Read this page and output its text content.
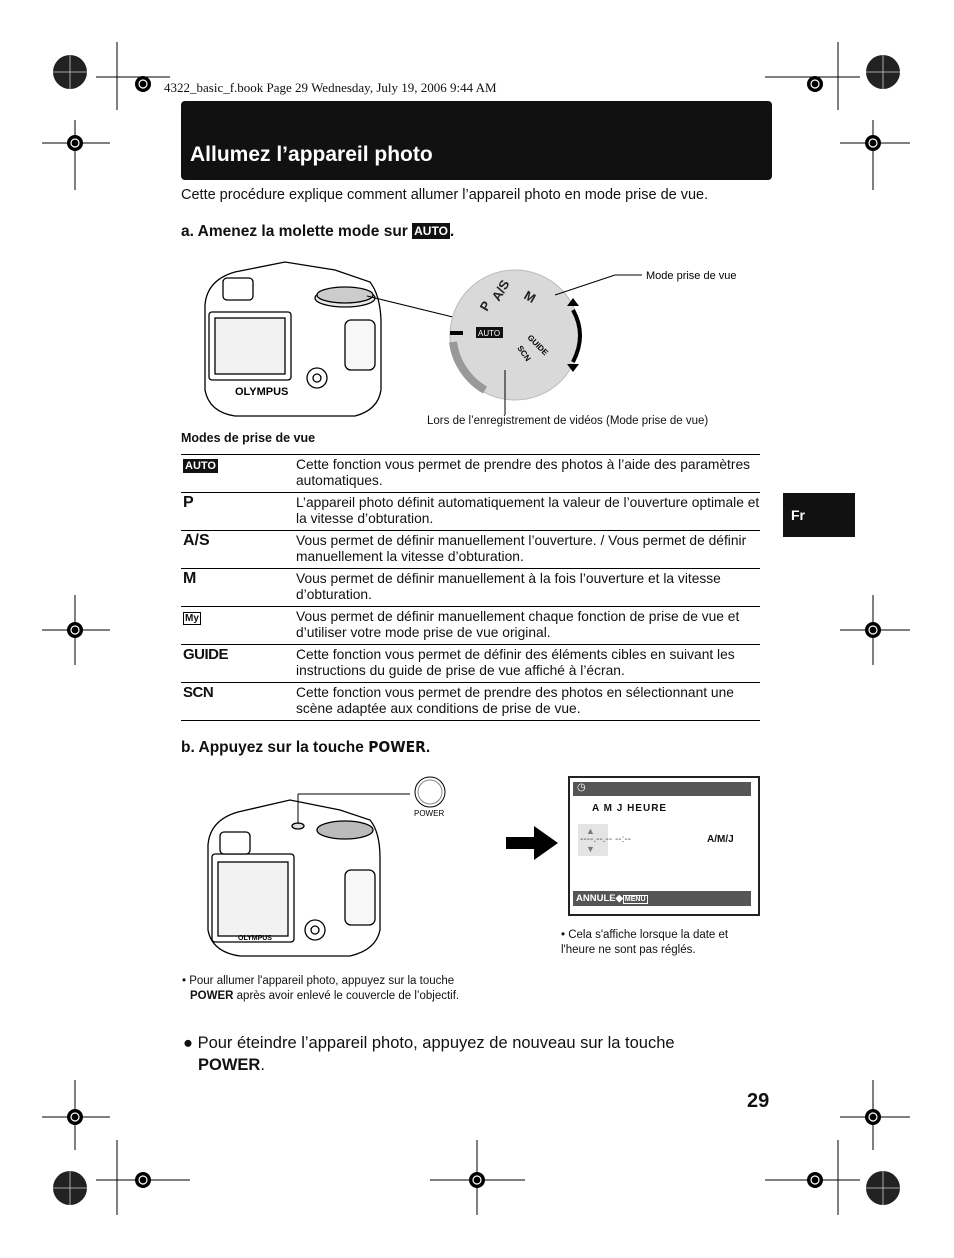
4322_basic_f.book Page 29 Wednesday, July 19, 2006 9:44 AM
Allumez l’appareil photo
Cette procédure explique comment allumer l’appareil photo en mode prise de vue.
a. Amenez la molette mode sur AUTO .
OLYMPUS
P
A/S M
AUTO	GUIDE
SCN
Mode prise de vue
Lors de l’enregistrement de vidéos (Mode prise de vue)
Fr
Modes de prise de vue
AUTO	Cette fonction vous permet de prendre des photos à l’aide des paramètres automatiques.
P	L’appareil photo définit automatiquement la valeur de l’ouverture optimale et la vitesse d’obturation.
A/S	Vous permet de définir manuellement l’ouverture. / Vous permet de définir manuellement la vitesse d’obturation.
M	Vous permet de définir manuellement à la fois l’ouverture et la vitesse d’obturation.
My	Vous permet de définir manuellement chaque fonction de prise de vue et d’utiliser votre mode prise de vue original.
GUIDE	Cette fonction vous permet de définir des éléments cibles en suivant les instructions du guide de prise de vue affiché à l’écran.
SCN	Cette fonction vous permet de prendre des photos en sélectionnant une scène adaptée aux conditions de prise de vue.
b. Appuyez sur la touche POWER.
OLYMPUS
POWER
◷
A M J HEURE
▲
▼
----.--.-- --:--	A/M/J
ANNULE◆ MENU
• Cela s'affiche lorsque la date et l'heure ne sont pas réglés.
• Pour allumer l'appareil photo, appuyez sur la touche
POWER après avoir enlevé le couvercle de l’objectif.
● Pour éteindre l’appareil photo, appuyez de nouveau sur la touche
POWER.
29
